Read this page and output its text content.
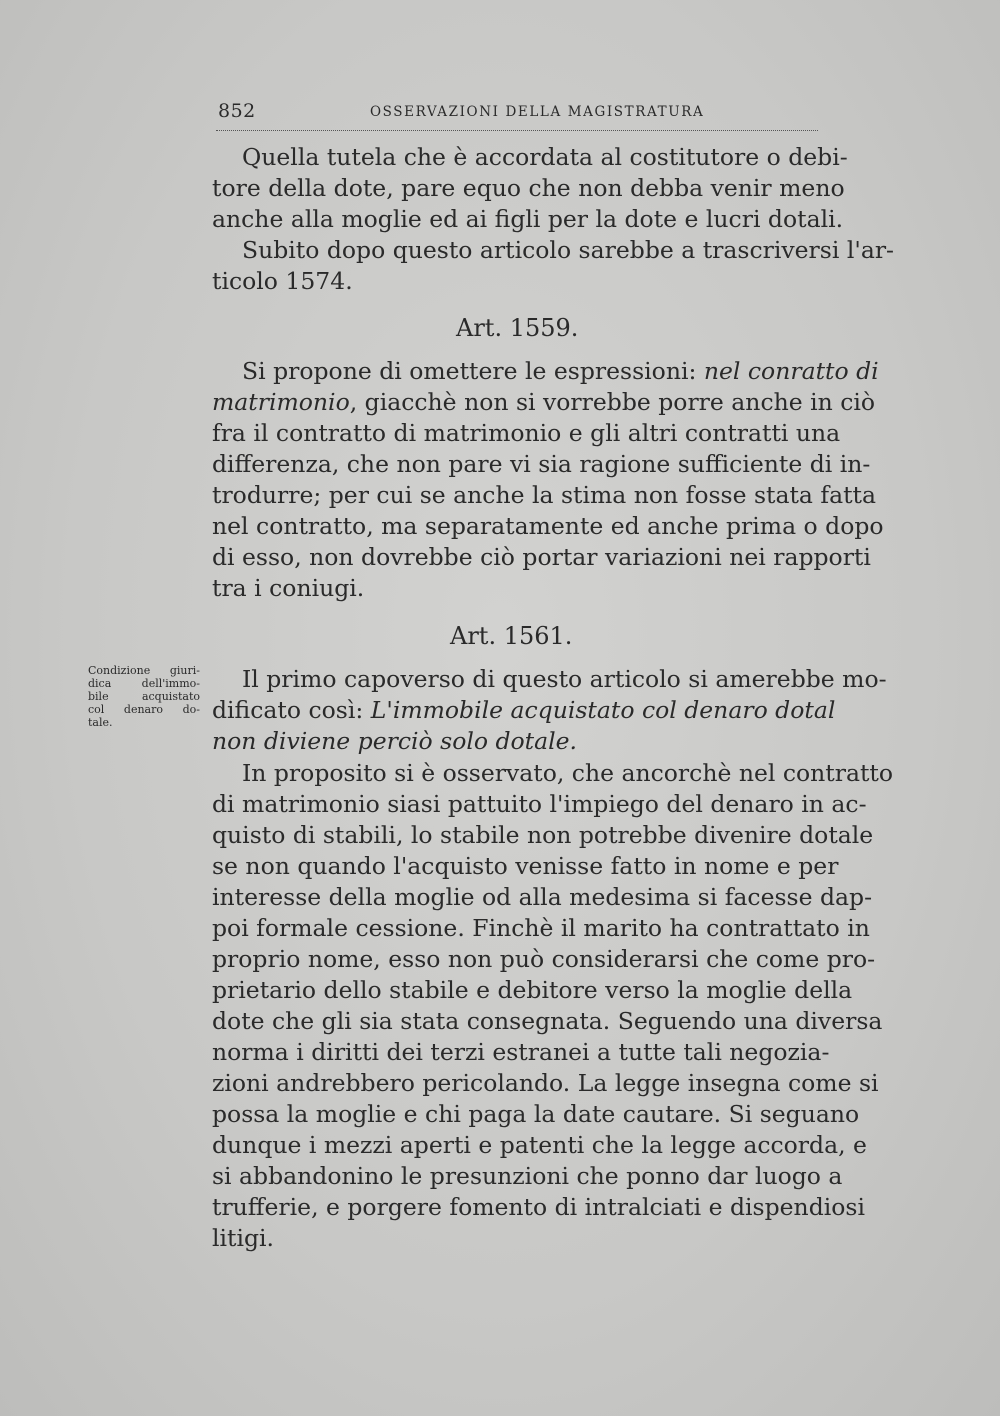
852	OSSERVAZIONI DELLA MAGISTRATURA
Quella tutela che è accordata al costitutore o debi-
tore della dote, pare equo che non debba venir meno
anche alla moglie ed ai figli per la dote e lucri dotali.
Subito dopo questo articolo sarebbe a trascriversi l'ar-
ticolo 1574.
Art. 1559.
Si propone di omettere le espressioni: nel conratto di
matrimonio, giacchè non si vorrebbe porre anche in ciò
fra il contratto di matrimonio e gli altri contratti una
differenza, che non pare vi sia ragione sufficiente di in-
trodurre; per cui se anche la stima non fosse stata fatta
nel contratto, ma separatamente ed anche prima o dopo
di esso, non dovrebbe ciò portar variazioni nei rapporti
tra i coniugi.
Art. 1561.
Condizione giuri-
dica dell'immo-
bile acquistato
col denaro do-
tale.
Il primo capoverso di questo articolo si amerebbe mo-
dificato così: L'immobile acquistato col denaro dotal
non diviene perciò solo dotale.
In proposito si è osservato, che ancorchè nel contratto
di matrimonio siasi pattuito l'impiego del denaro in ac-
quisto di stabili, lo stabile non potrebbe divenire dotale
se non quando l'acquisto venisse fatto in nome e per
interesse della moglie od alla medesima si facesse dap-
poi formale cessione. Finchè il marito ha contrattato in
proprio nome, esso non può considerarsi che come pro-
prietario dello stabile e debitore verso la moglie della
dote che gli sia stata consegnata. Seguendo una diversa
norma i diritti dei terzi estranei a tutte tali negozia-
zioni andrebbero pericolando. La legge insegna come si
possa la moglie e chi paga la date cautare. Si seguano
dunque i mezzi aperti e patenti che la legge accorda, e
si abbandonino le presunzioni che ponno dar luogo a
trufferie, e porgere fomento di intralciati e dispendiosi
litigi.
